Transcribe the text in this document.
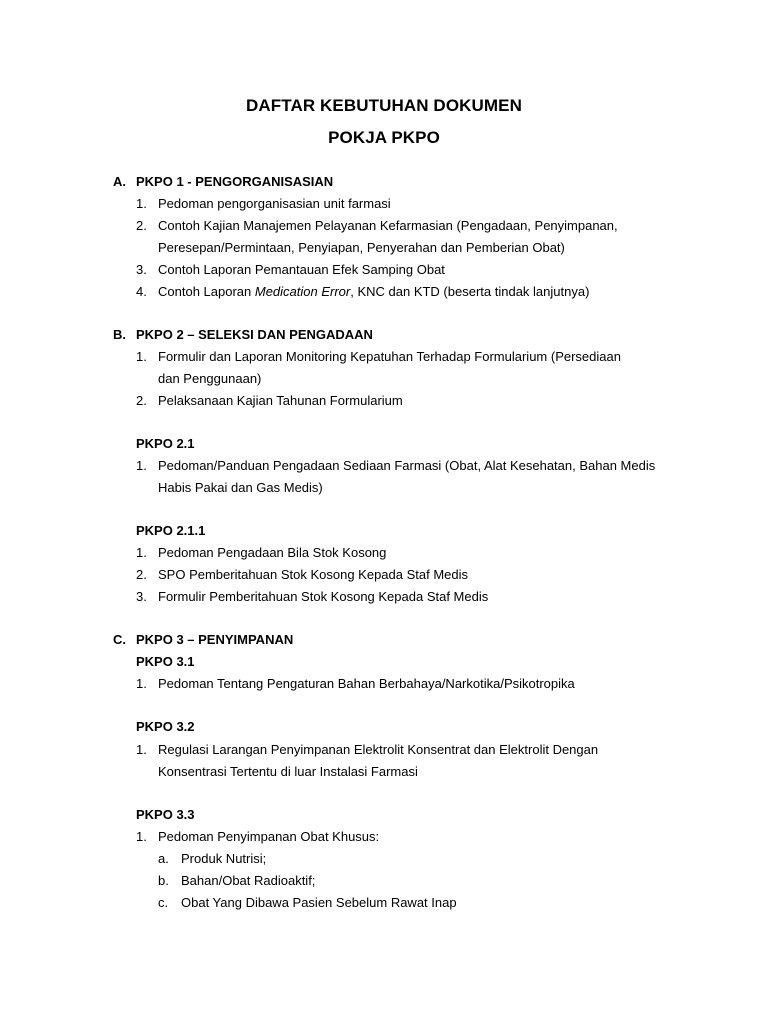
DAFTAR KEBUTUHAN DOKUMEN
POKJA PKPO
A. PKPO 1 - PENGORGANISASIAN
1. Pedoman pengorganisasian unit farmasi
2. Contoh Kajian Manajemen Pelayanan Kefarmasian (Pengadaan, Penyimpanan,
Peresepan/Permintaan, Penyiapan, Penyerahan dan Pemberian Obat)
3. Contoh Laporan Pemantauan Efek Samping Obat
4. Contoh Laporan Medication Error, KNC dan KTD (beserta tindak lanjutnya)
B. PKPO 2 – SELEKSI DAN PENGADAAN
1. Formulir dan Laporan Monitoring Kepatuhan Terhadap Formularium (Persediaan
dan Penggunaan)
2. Pelaksanaan Kajian Tahunan Formularium
PKPO 2.1
1. Pedoman/Panduan Pengadaan Sediaan Farmasi (Obat, Alat Kesehatan, Bahan Medis
Habis Pakai dan Gas Medis)
PKPO 2.1.1
1. Pedoman Pengadaan Bila Stok Kosong
2. SPO Pemberitahuan Stok Kosong Kepada Staf Medis
3. Formulir Pemberitahuan Stok Kosong Kepada Staf Medis
C. PKPO 3 – PENYIMPANAN
PKPO 3.1
1. Pedoman Tentang Pengaturan Bahan Berbahaya/Narkotika/Psikotropika
PKPO 3.2
1. Regulasi Larangan Penyimpanan Elektrolit Konsentrat dan Elektrolit Dengan
Konsentrasi Tertentu di luar Instalasi Farmasi
PKPO 3.3
1. Pedoman Penyimpanan Obat Khusus:
a. Produk Nutrisi;
b. Bahan/Obat Radioaktif;
c. Obat Yang Dibawa Pasien Sebelum Rawat Inap
